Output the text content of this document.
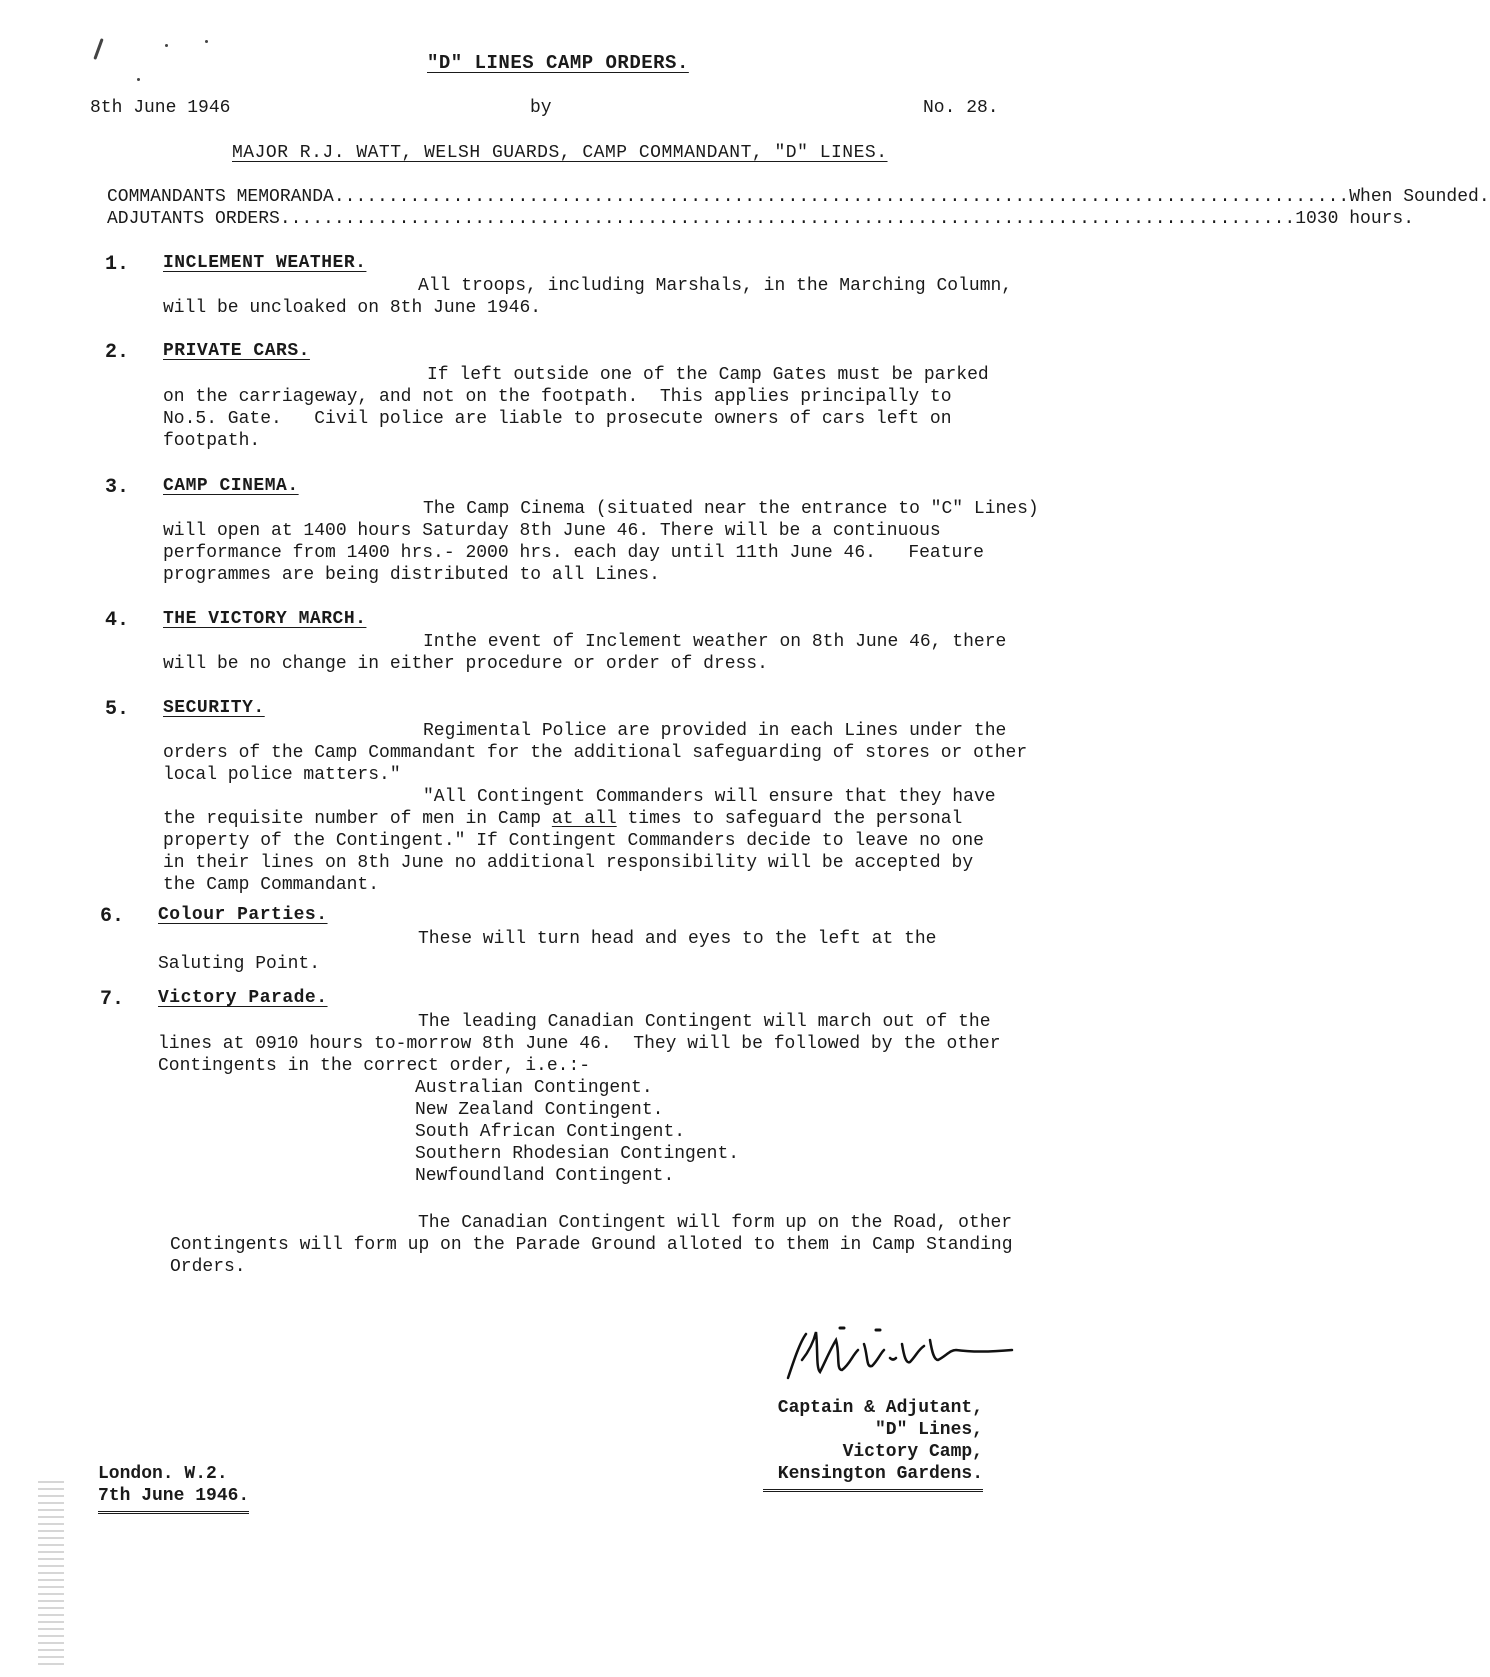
"D" LINES CAMP ORDERS.
8th June 1946	by	No. 28.
MAJOR R.J. WATT, WELSH GUARDS, CAMP COMMANDANT, "D" LINES.
COMMANDANTS MEMORANDA .............................................................................................. When Sounded.
ADJUTANTS ORDERS .............................................................................................. 1030 hours.
1. INCLEMENT WEATHER.
All troops, including Marshals, in the Marching Column,
will be uncloaked on 8th June 1946.
2. PRIVATE CARS.
If left outside one of the Camp Gates must be parked
on the carriageway, and not on the footpath.  This applies principally to
No.5. Gate.   Civil police are liable to prosecute owners of cars left on
footpath.
3. CAMP CINEMA.
The Camp Cinema (situated near the entrance to "C" Lines)
will open at 1400 hours Saturday 8th June 46. There will be a continuous
performance from 1400 hrs.- 2000 hrs. each day until 11th June 46.   Feature
programmes are being distributed to all Lines.
4. THE VICTORY MARCH.
Inthe event of Inclement weather on 8th June 46, there
will be no change in either procedure or order of dress.
5. SECURITY.
Regimental Police are provided in each Lines under the
orders of the Camp Commandant for the additional safeguarding of stores or other
local police matters."
"All Contingent Commanders will ensure that they have
the requisite number of men in Camp at all times to safeguard the personal
property of the Contingent." If Contingent Commanders decide to leave no one
in their lines on 8th June no additional responsibility will be accepted by
the Camp Commandant.
6. Colour Parties.
These will turn head and eyes to the left at the
Saluting Point.
7. Victory Parade.
The leading Canadian Contingent will march out of the
lines at 0910 hours to-morrow 8th June 46.  They will be followed by the other
Contingents in the correct order, i.e.:-
Australian Contingent.
New Zealand Contingent.
South African Contingent.
Southern Rhodesian Contingent.
Newfoundland Contingent.
The Canadian Contingent will form up on the Road, other
Contingents will form up on the Parade Ground alloted to them in Camp Standing
Orders.
London. W.2.
7th June 1946.
Captain & Adjutant,
"D" Lines,
Victory Camp,
Kensington Gardens.
